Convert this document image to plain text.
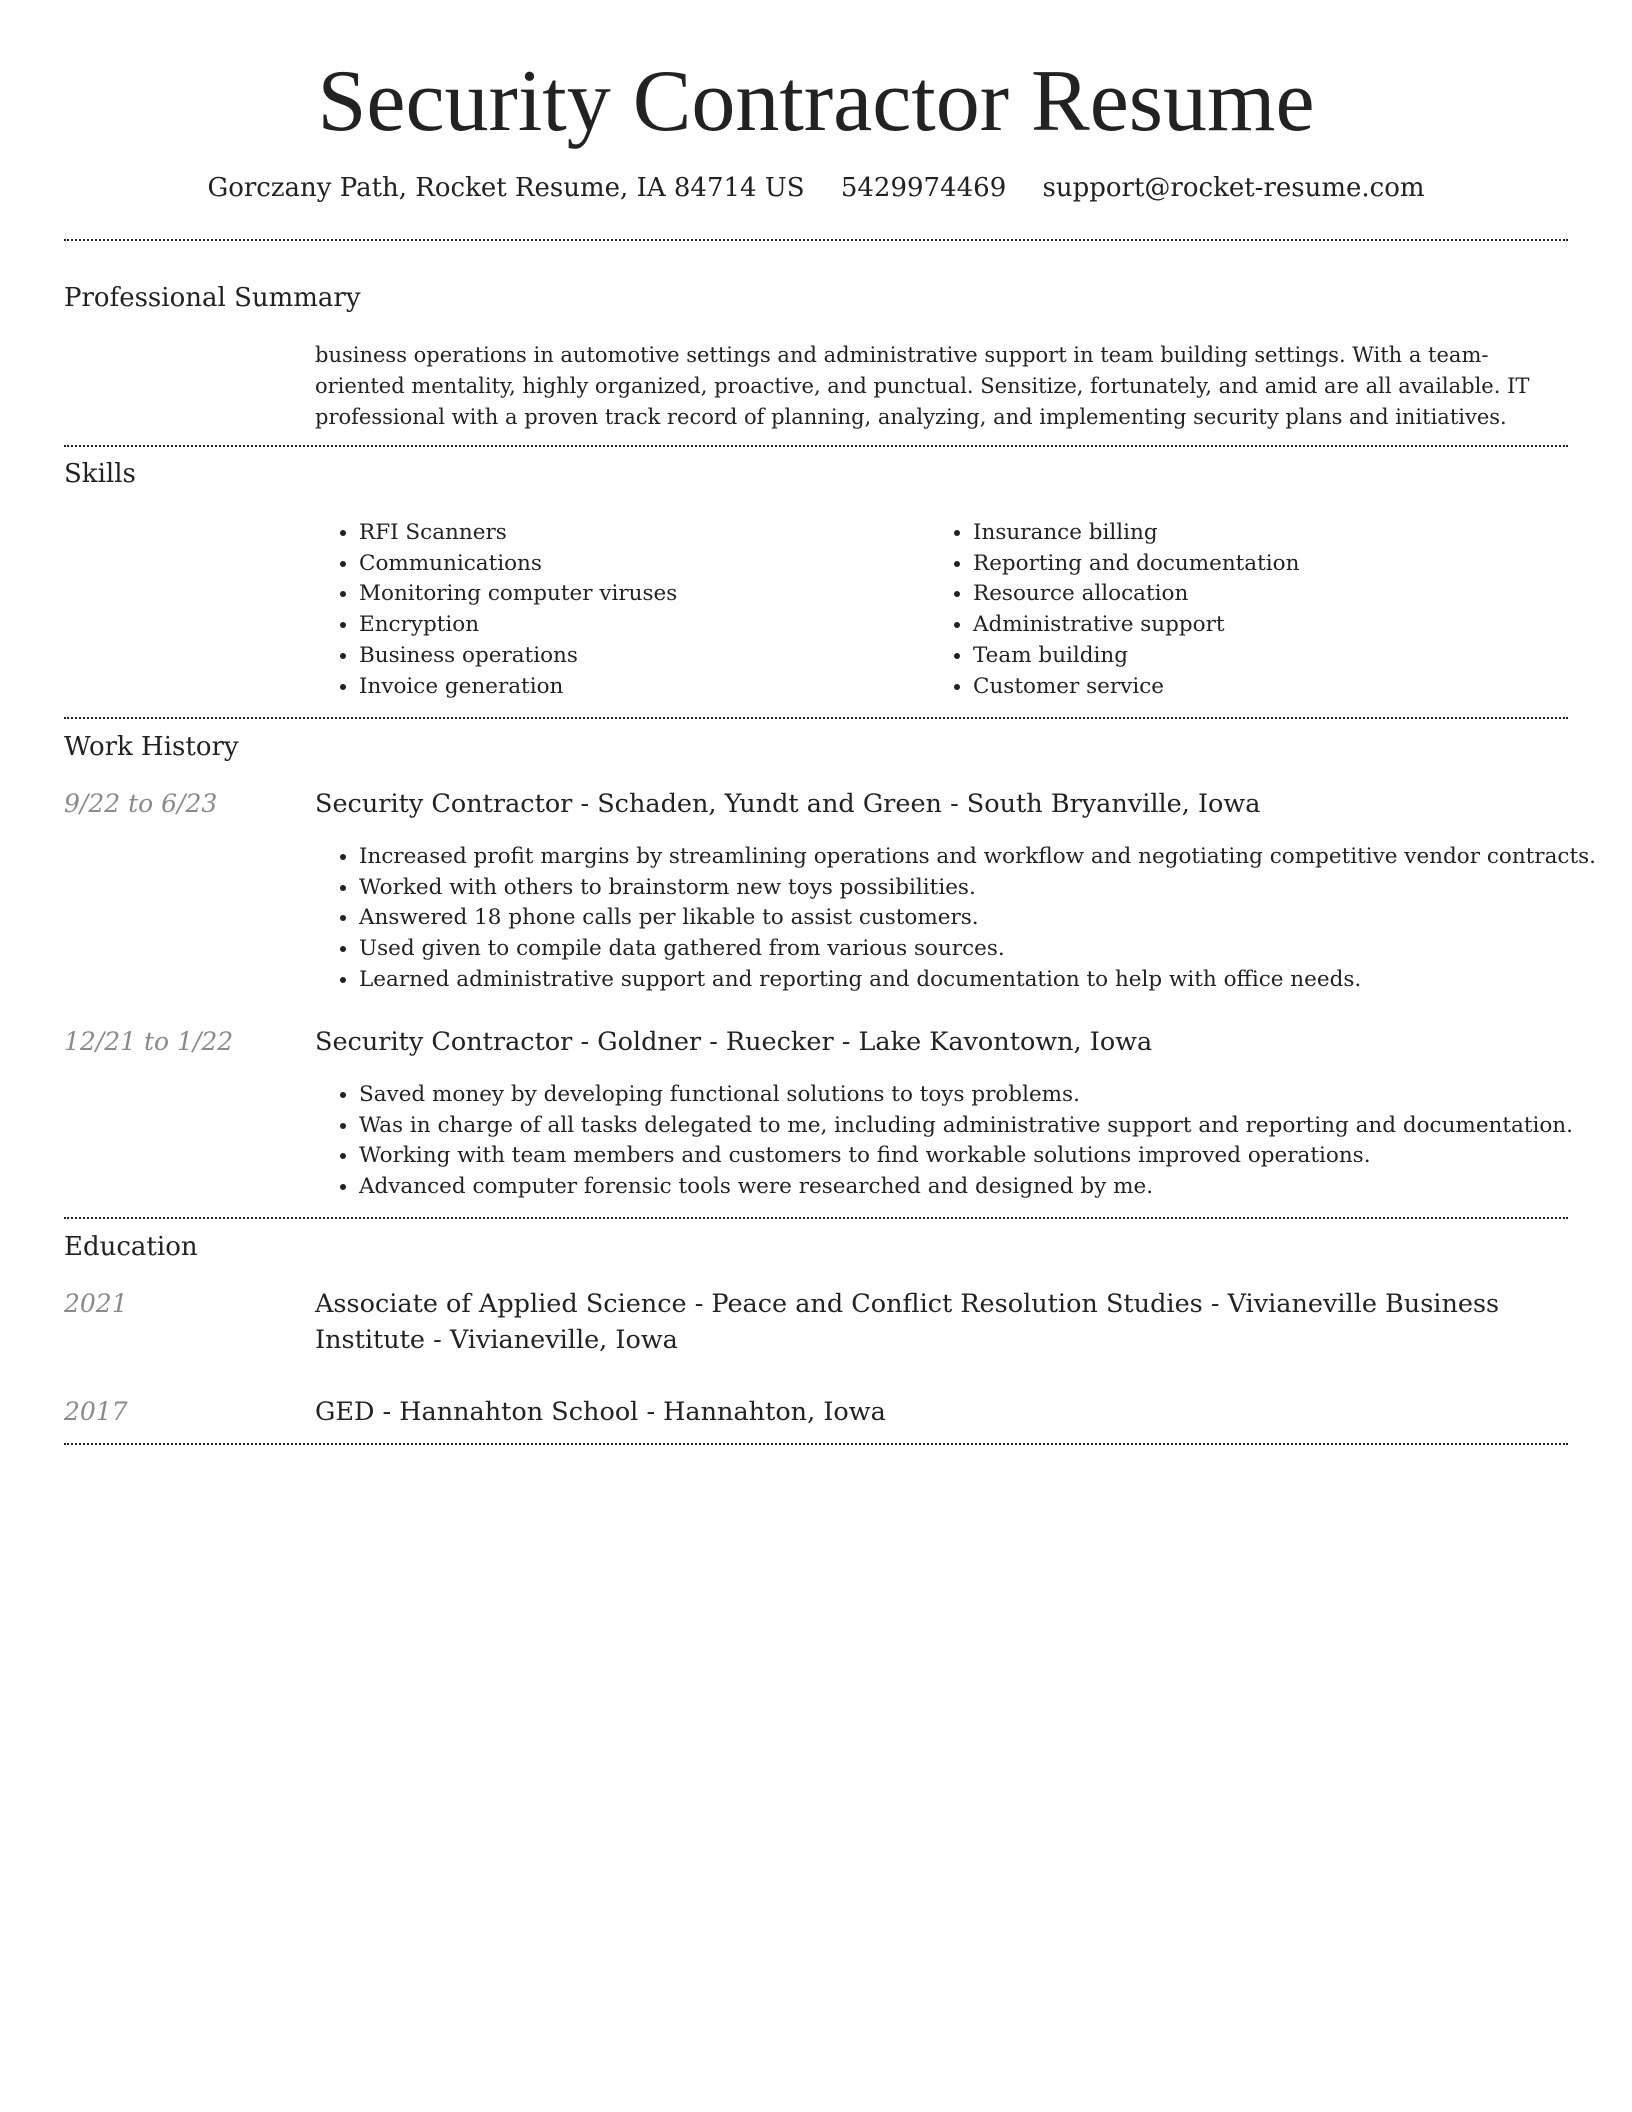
Security Contractor Resume
Gorczany Path, Rocket Resume, IA 84714 US 5429974469 support@rocket-resume.com
Professional Summary
business operations in automotive settings and administrative support in team building settings. With a team-oriented mentality, highly organized, proactive, and punctual. Sensitize, fortunately, and amid are all available. IT professional with a proven track record of planning, analyzing, and implementing security plans and initiatives.
Skills
• RFI Scanners
• Communications
• Monitoring computer viruses
• Encryption
• Business operations
• Invoice generation
• Insurance billing
• Reporting and documentation
• Resource allocation
• Administrative support
• Team building
• Customer service
Work History
9/22 to 6/23	Security Contractor - Schaden, Yundt and Green - South Bryanville, Iowa
• Increased profit margins by streamlining operations and workflow and negotiating competitive vendor contracts.
• Worked with others to brainstorm new toys possibilities.
• Answered 18 phone calls per likable to assist customers.
• Used given to compile data gathered from various sources.
• Learned administrative support and reporting and documentation to help with office needs.
12/21 to 1/22	Security Contractor - Goldner - Ruecker - Lake Kavontown, Iowa
• Saved money by developing functional solutions to toys problems.
• Was in charge of all tasks delegated to me, including administrative support and reporting and documentation.
• Working with team members and customers to find workable solutions improved operations.
• Advanced computer forensic tools were researched and designed by me.
Education
2021	Associate of Applied Science - Peace and Conflict Resolution Studies - Vivianeville Business Institute - Vivianeville, Iowa
2017	GED - Hannahton School - Hannahton, Iowa
